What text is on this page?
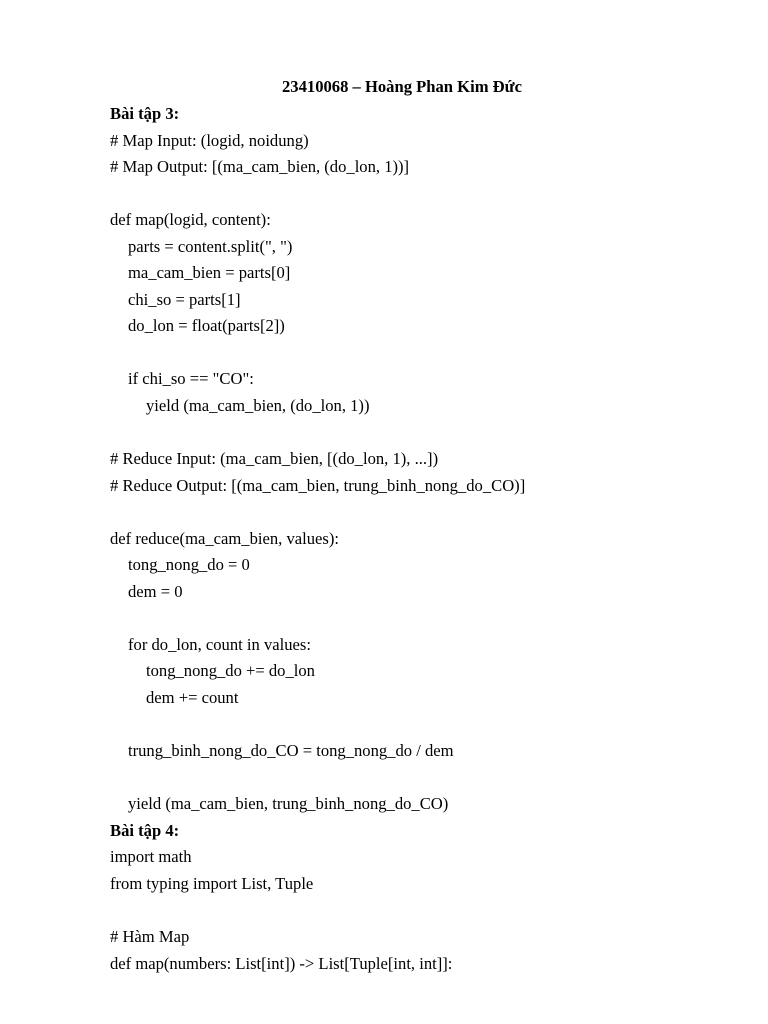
23410068 – Hoàng Phan Kim Đức
Bài tập 3:
# Map Input: (logid, noidung)
# Map Output: [(ma_cam_bien, (do_lon, 1))]
def map(logid, content):
parts = content.split(", ")
ma_cam_bien = parts[0]
chi_so = parts[1]
do_lon = float(parts[2])
if chi_so == "CO":
yield (ma_cam_bien, (do_lon, 1))
# Reduce Input: (ma_cam_bien, [(do_lon, 1), ...])
# Reduce Output: [(ma_cam_bien, trung_binh_nong_do_CO)]
def reduce(ma_cam_bien, values):
tong_nong_do = 0
dem = 0
for do_lon, count in values:
tong_nong_do += do_lon
dem += count
trung_binh_nong_do_CO = tong_nong_do / dem
yield (ma_cam_bien, trung_binh_nong_do_CO)
Bài tập 4:
import math
from typing import List, Tuple
# Hàm Map
def map(numbers: List[int]) -> List[Tuple[int, int]]:
